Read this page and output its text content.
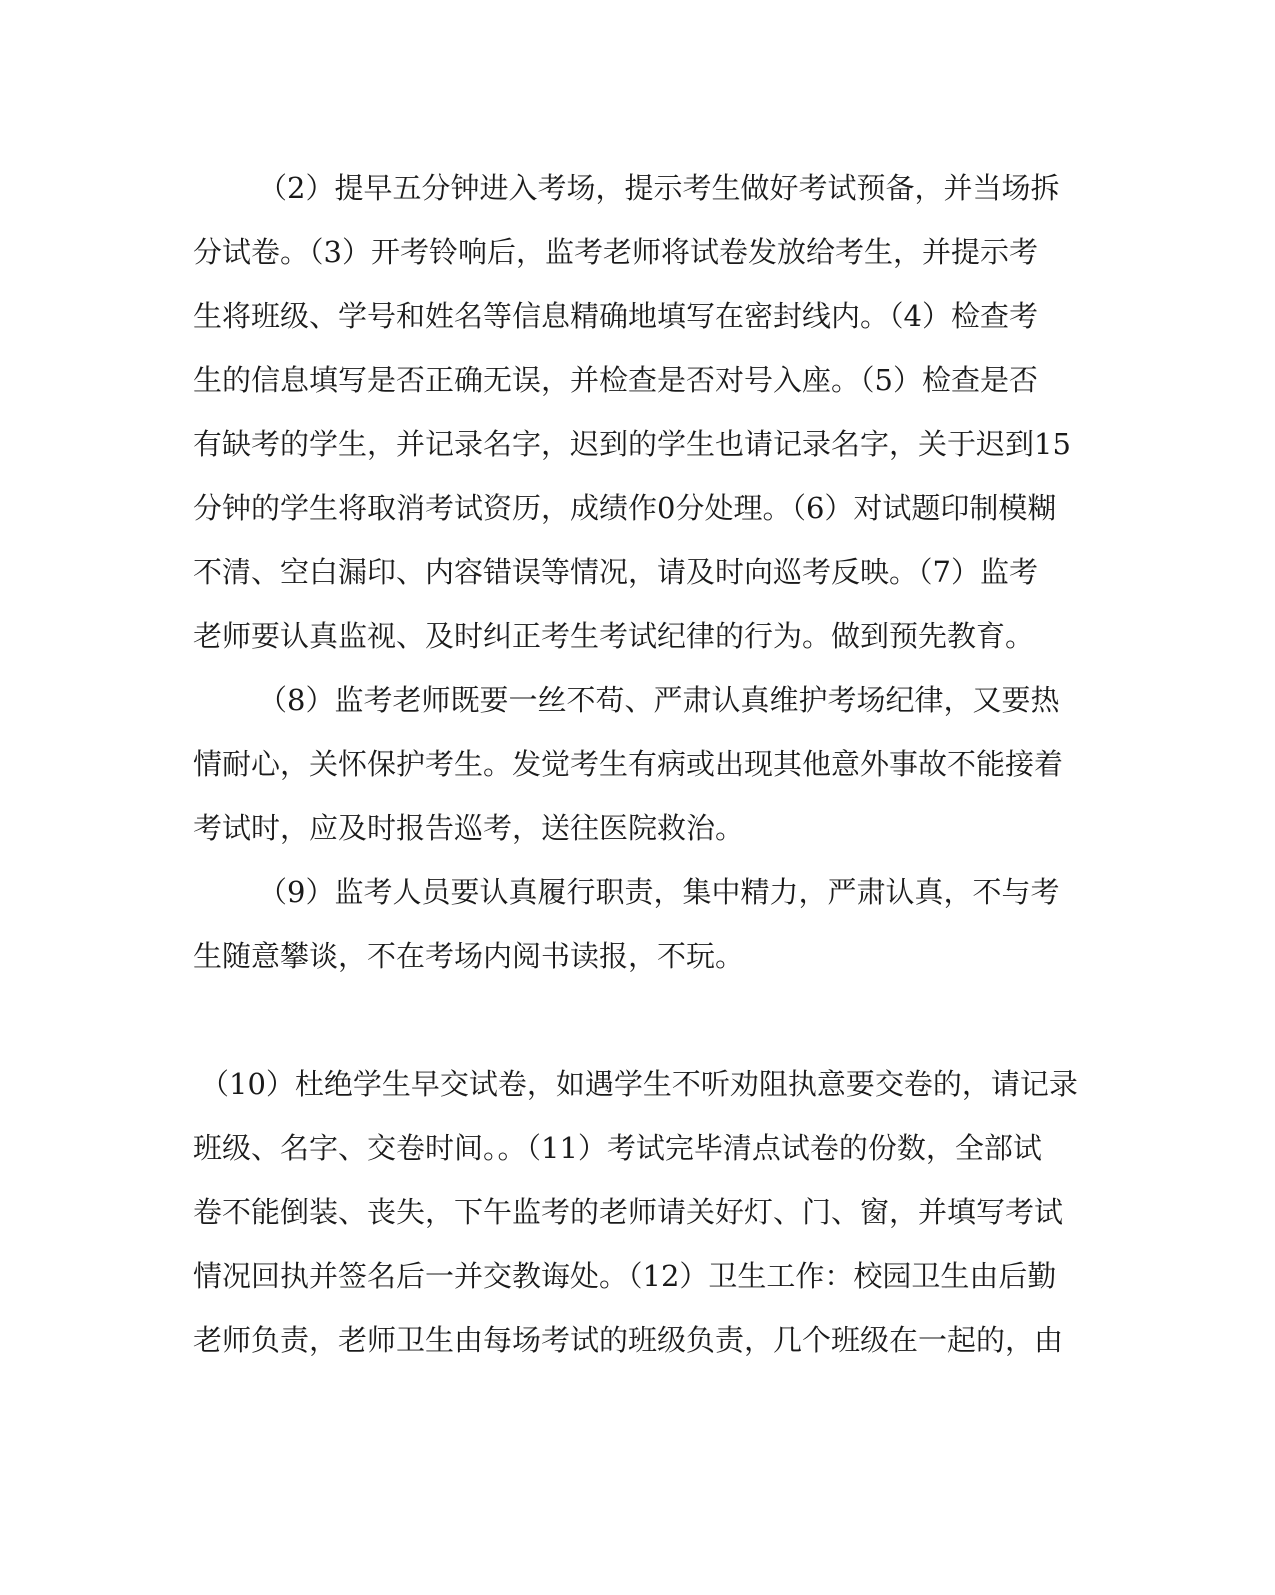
（2）提早五分钟进入考场，提示考生做好考试预备，并当场拆
分试卷。（3）开考铃响后，监考老师将试卷发放给考生，并提示考
生将班级、学号和姓名等信息精确地填写在密封线内。（4）检查考
生的信息填写是否正确无误，并检查是否对号入座。（5）检查是否
有缺考的学生，并记录名字，迟到的学生也请记录名字，关于迟到15
分钟的学生将取消考试资历，成绩作0分处理。（6）对试题印制模糊
不清、空白漏印、内容错误等情况，请及时向巡考反映。（7）监考
老师要认真监视、及时纠正考生考试纪律的行为。做到预先教育。
（8）监考老师既要一丝不苟、严肃认真维护考场纪律，又要热
情耐心，关怀保护考生。发觉考生有病或出现其他意外事故不能接着
考试时，应及时报告巡考，送往医院救治。
（9）监考人员要认真履行职责，集中精力，严肃认真，不与考
生随意攀谈，不在考场内阅书读报，不玩。
（10）杜绝学生早交试卷，如遇学生不听劝阻执意要交卷的，请记录
班级、名字、交卷时间。。（11）考试完毕清点试卷的份数，全部试
卷不能倒装、丧失，下午监考的老师请关好灯、门、窗，并填写考试
情况回执并签名后一并交教诲处。（12）卫生工作：校园卫生由后勤
老师负责，老师卫生由每场考试的班级负责，几个班级在一起的，由
